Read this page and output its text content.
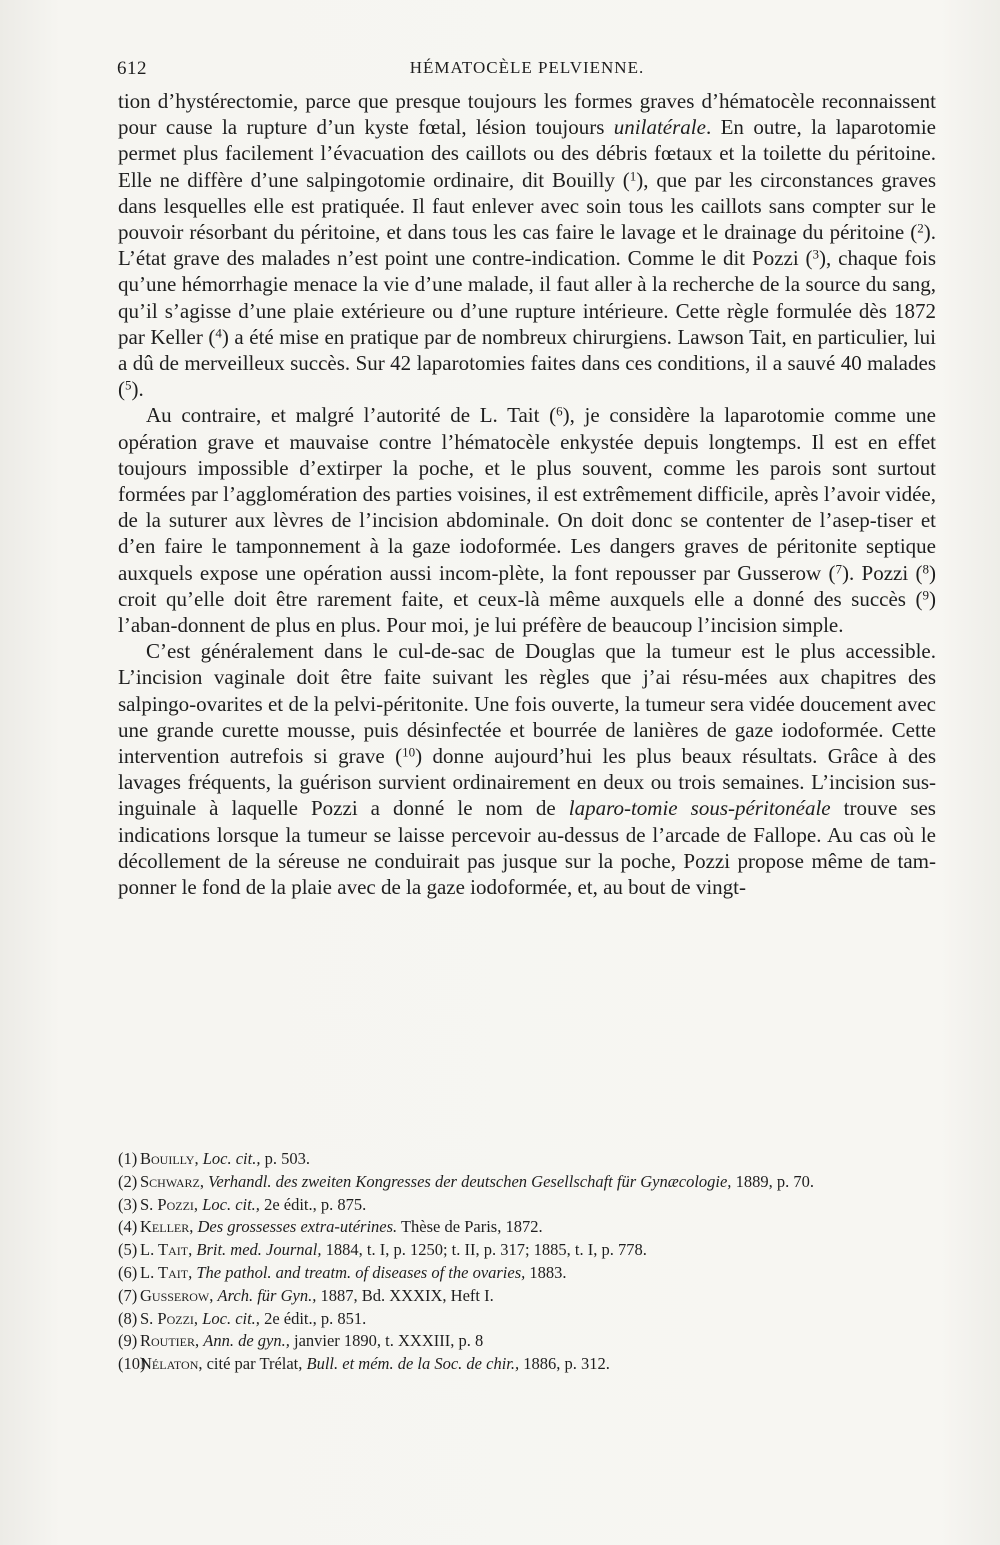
612	HÉMATOCÈLE PELVIENNE.

tion d’hystérectomie, parce que presque toujours les formes graves d’hématocèle reconnaissent pour cause la rupture d’un kyste fœtal, lésion toujours unilatérale. En outre, la laparotomie permet plus facilement l’évacuation des caillots ou des débris fœtaux et la toilette du péritoine. Elle ne diffère d’une salpingotomie ordinaire, dit Bouilly ($^1$), que par les circonstances graves dans lesquelles elle est pratiquée. Il faut enlever avec soin tous les caillots sans compter sur le pouvoir résorbant du péritoine, et dans tous les cas faire le lavage et le drainage du péritoine ($^2$). L’état grave des malades n’est point une contre-indication. Comme le dit Pozzi ($^3$), chaque fois qu’une hémorrhagie menace la vie d’une malade, il faut aller à la recherche de la source du sang, qu’il s’agisse d’une plaie extérieure ou d’une rupture intérieure. Cette règle formulée dès 1872 par Keller ($^4$) a été mise en pratique par de nombreux chirurgiens. Lawson Tait, en particulier, lui a dû de merveilleux succès. Sur 42 laparotomies faites dans ces conditions, il a sauvé 40 malades ($^5$).

Au contraire, et malgré l’autorité de L. Tait ($^6$), je considère la laparotomie comme une opération grave et mauvaise contre l’hématocèle enkystée depuis longtemps. Il est en effet toujours impossible d’extirper la poche, et le plus souvent, comme les parois sont surtout formées par l’agglomération des parties voisines, il est extrêmement difficile, après l’avoir vidée, de la suturer aux lèvres de l’incision abdominale. On doit donc se contenter de l’asep-tiser et d’en faire le tamponnement à la gaze iodoformée. Les dangers graves de péritonite septique auxquels expose une opération aussi incom-plète, la font repousser par Gusserow ($^7$). Pozzi ($^8$) croit qu’elle doit être rarement faite, et ceux-là même auxquels elle a donné des succès ($^9$) l’aban-donnent de plus en plus. Pour moi, je lui préfère de beaucoup l’incision simple.

C’est généralement dans le cul-de-sac de Douglas que la tumeur est le plus accessible. L’incision vaginale doit être faite suivant les règles que j’ai résu-mées aux chapitres des salpingo-ovarites et de la pelvi-péritonite. Une fois ouverte, la tumeur sera vidée doucement avec une grande curette mousse, puis désinfectée et bourrée de lanières de gaze iodoformée. Cette intervention autrefois si grave ($^{10}$) donne aujourd’hui les plus beaux résultats. Grâce à des lavages fréquents, la guérison survient ordinairement en deux ou trois semaines. L’incision sus-inguinale à laquelle Pozzi a donné le nom de laparo-tomie sous-péritonéale trouve ses indications lorsque la tumeur se laisse percevoir au-dessus de l’arcade de Fallope. Au cas où le décollement de la séreuse ne conduirait pas jusque sur la poche, Pozzi propose même de tam-ponner le fond de la plaie avec de la gaze iodoformée, et, au bout de vingt-

(1) Bouilly, Loc. cit., p. 503.

(2) Schwarz, Verhandl. des zweiten Kongresses der deutschen Gesellschaft für Gynæcologie, 1889, p. 70.

(3) S. Pozzi, Loc. cit., 2e édit., p. 875.

(4) Keller, Des grossesses extra-utérines. Thèse de Paris, 1872.

(5) L. Tait, Brit. med. Journal, 1884, t. I, p. 1250; t. II, p. 317; 1885, t. I, p. 778.

(6) L. Tait, The pathol. and treatm. of diseases of the ovaries, 1883.

(7) Gusserow, Arch. für Gyn., 1887, Bd. XXXIX, Heft I.

(8) S. Pozzi, Loc. cit., 2e édit., p. 851.

(9) Routier, Ann. de gyn., janvier 1890, t. XXXIII, p. 8

(10)Nélaton, cité par Trélat, Bull. et mém. de la Soc. de chir., 1886, p. 312.
